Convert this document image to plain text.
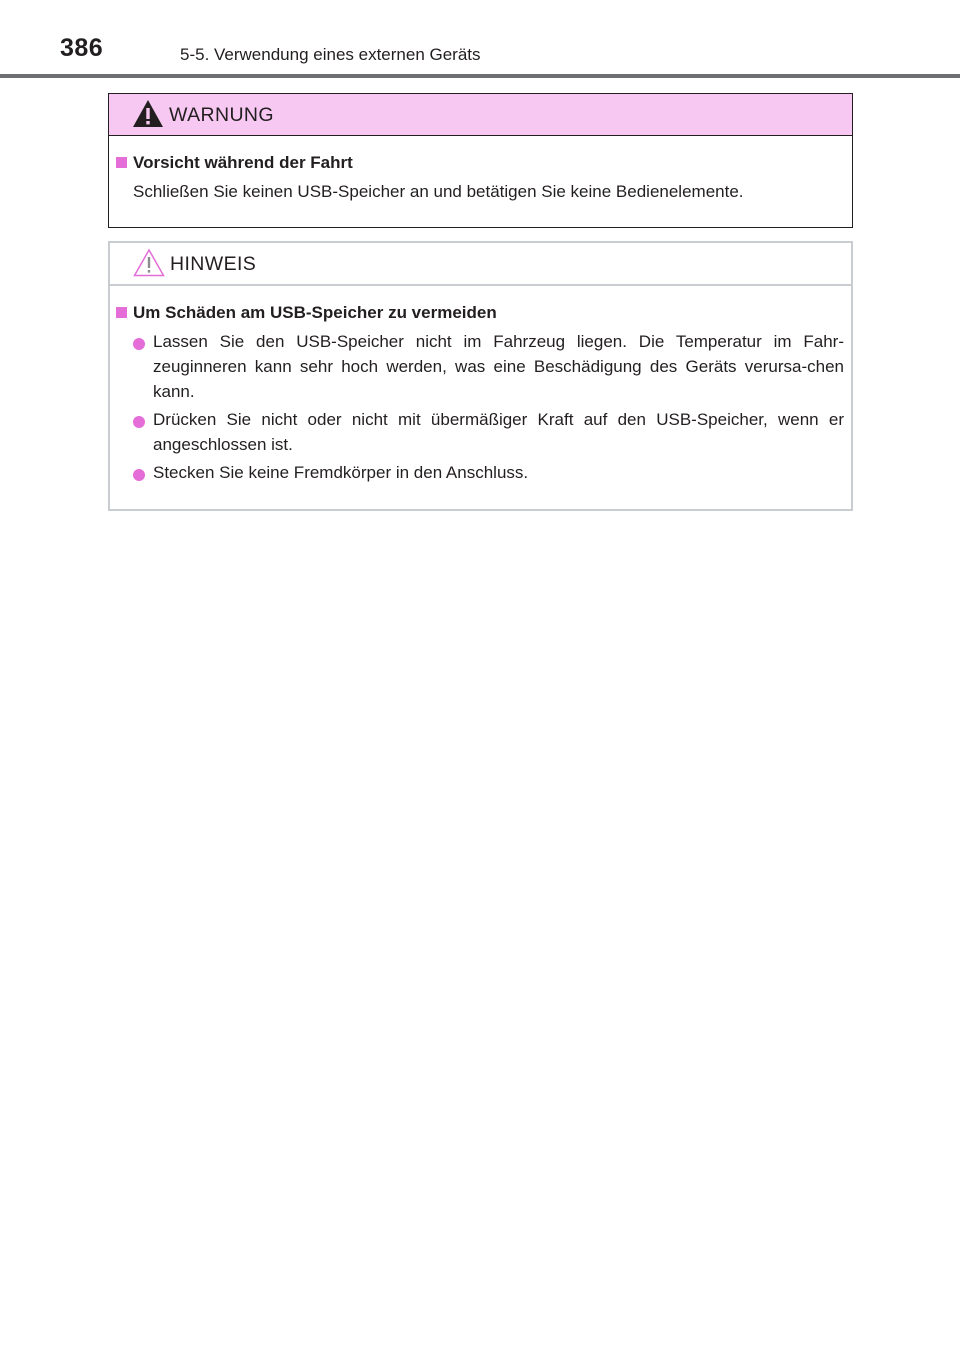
386	5-5. Verwendung eines externen Geräts
WARNUNG
Vorsicht während der Fahrt
Schließen Sie keinen USB-Speicher an und betätigen Sie keine Bedienelemente.
HINWEIS
Um Schäden am USB-Speicher zu vermeiden
Lassen Sie den USB-Speicher nicht im Fahrzeug liegen. Die Temperatur im Fahr-zeuginneren kann sehr hoch werden, was eine Beschädigung des Geräts verursa-chen kann.
Drücken Sie nicht oder nicht mit übermäßiger Kraft auf den USB-Speicher, wenn er angeschlossen ist.
Stecken Sie keine Fremdkörper in den Anschluss.
